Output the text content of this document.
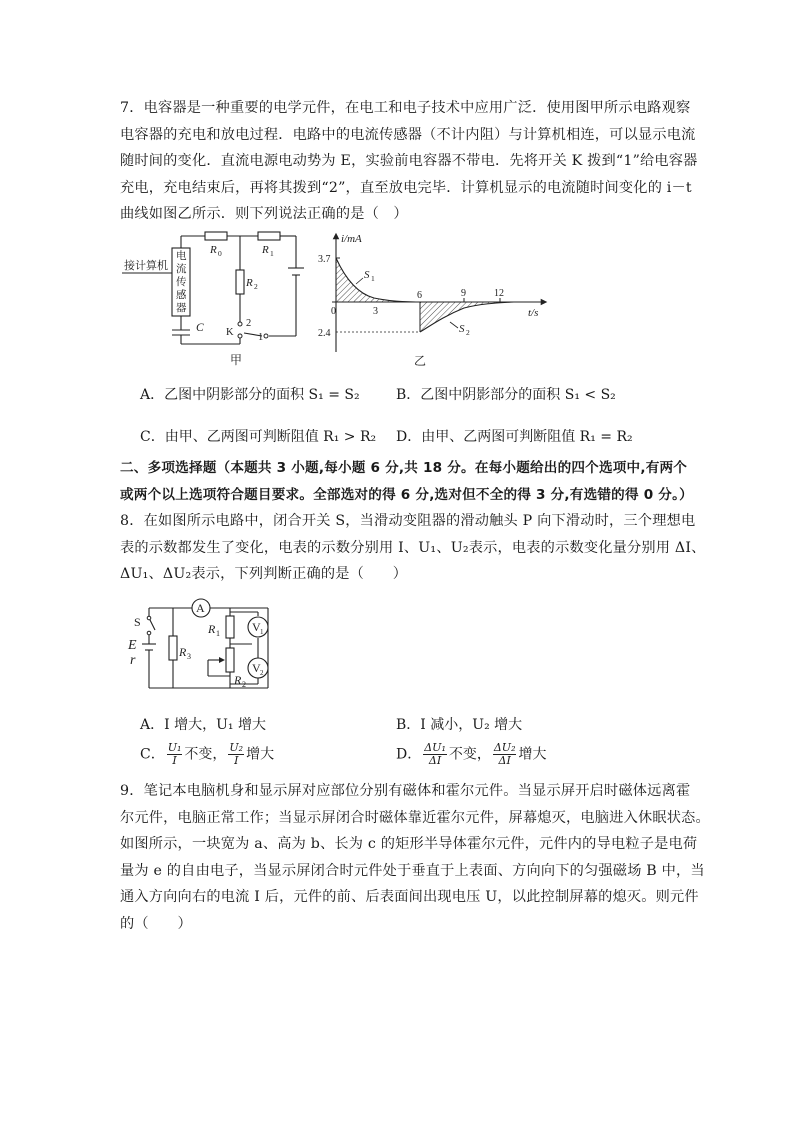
7．电容器是一种重要的电学元件，在电工和电子技术中应用广泛．使用图甲所示电路观察
电容器的充电和放电过程．电路中的电流传感器（不计内阻）与计算机相连，可以显示电流
随时间的变化．直流电源电动势为 E，实验前电容器不带电．先将开关 K 拨到“1”给电容器
充电，充电结束后，再将其拨到“2”，直至放电完毕．计算机显示的电流随时间变化的 i－t
曲线如图乙所示．则下列说法正确的是（　）
接计算机
电
流
传
感
器
R 0	R 1
R 2
C K
2
1
甲
i/mA
t/s
3.7
2.4
0	3
6	9	12
S 1
S 2
乙
A．乙图中阴影部分的面积 S₁ = S₂	B．乙图中阴影部分的面积 S₁ < S₂
C．由甲、乙两图可判断阻值 R₁ > R₂ D．由甲、乙两图可判断阻值 R₁ = R₂
二、多项选择题（本题共 3 小题,每小题 6 分,共 18 分。在每小题给出的四个选项中,有两个
或两个以上选项符合题目要求。全部选对的得 6 分,选对但不全的得 3 分,有选错的得 0 分。）
8．在如图所示电路中，闭合开关 S，当滑动变阻器的滑动触头 P 向下滑动时，三个理想电
表的示数都发生了变化，电表的示数分别用 I、U₁、U₂表示，电表的示数变化量分别用 ΔI、
ΔU₁、ΔU₂表示，下列判断正确的是（　　）
A
V 1
V 2
S
E
r
R 3
R 1
R 2
A．I 增大，U₁ 增大	B．I 减小，U₂ 增大
C． $\frac{\text{U₁}}{I}$ 不变， $\frac{\text{U₂}}{I}$ 增大	D． $\frac{\text{ΔU₁}}{\Delta I}$ 不变， $\frac{\text{ΔU₂}}{\Delta I}$ 增大
9．笔记本电脑机身和显示屏对应部位分别有磁体和霍尔元件。当显示屏开启时磁体远离霍
尔元件，电脑正常工作；当显示屏闭合时磁体靠近霍尔元件，屏幕熄灭，电脑进入休眠状态。
如图所示，一块宽为 a、高为 b、长为 c 的矩形半导体霍尔元件，元件内的导电粒子是电荷
量为 e 的自由电子，当显示屏闭合时元件处于垂直于上表面、方向向下的匀强磁场 B 中，当
通入方向向右的电流 I 后，元件的前、后表面间出现电压 U，以此控制屏幕的熄灭。则元件
的（　　）
